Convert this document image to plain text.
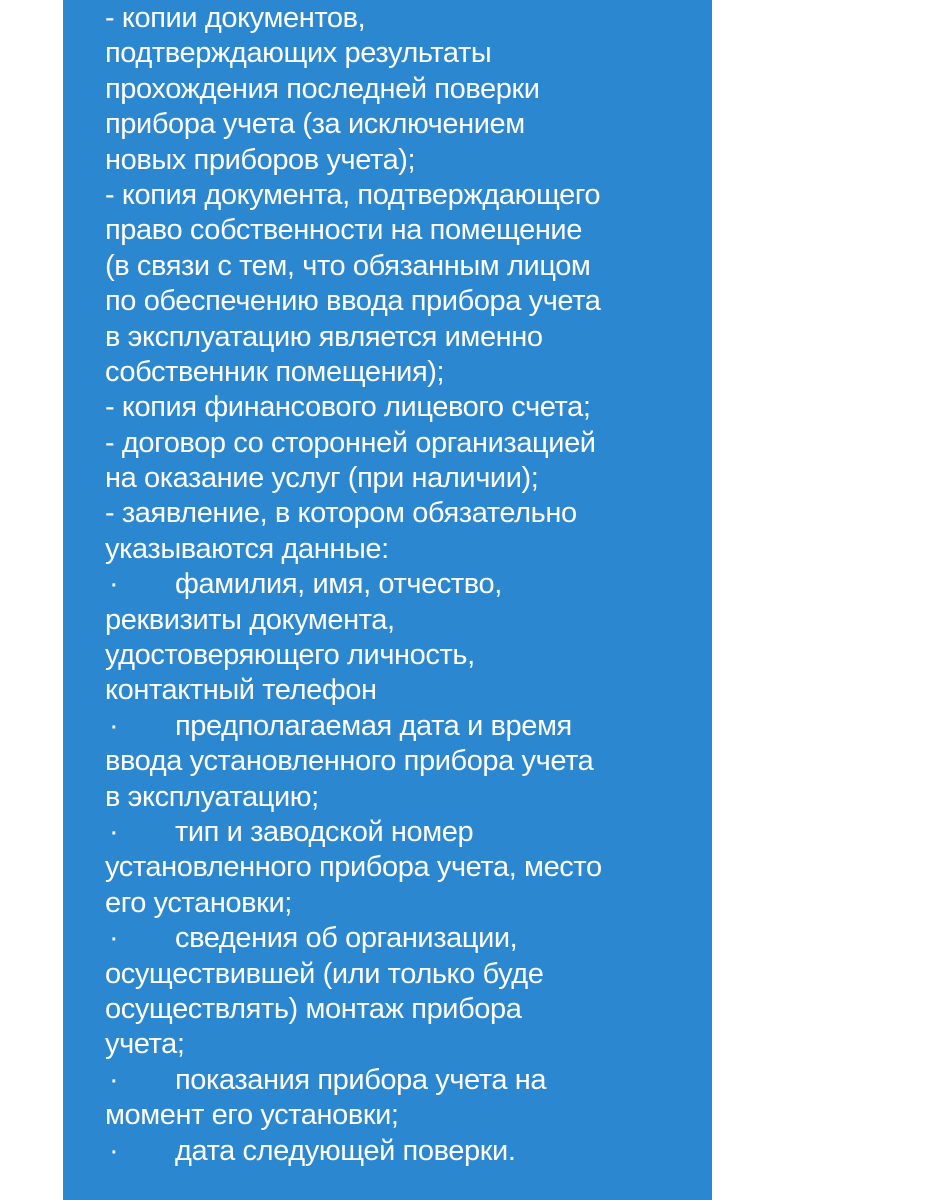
- копии документов,
подтверждающих результаты
прохождения последней поверки
прибора учета (за исключением
новых приборов учета);
- копия документа, подтверждающего
право собственности на помещение
(в связи с тем, что обязанным лицом
по обеспечению ввода прибора учета
в эксплуатацию является именно
собственник помещения);
- копия финансового лицевого счета;
- договор со сторонней организацией
на оказание услуг (при наличии);
- заявление, в котором обязательно
указываются данные:
· фамилия, имя, отчество,
реквизиты документа,
удостоверяющего личность,
контактный телефон
· предполагаемая дата и время
ввода установленного прибора учета
в эксплуатацию;
· тип и заводской номер
установленного прибора учета, место
его установки;
· сведения об организации,
осуществившей (или только буде
осуществлять) монтаж прибора
учета;
· показания прибора учета на
момент его установки;
· дата следующей поверки.
